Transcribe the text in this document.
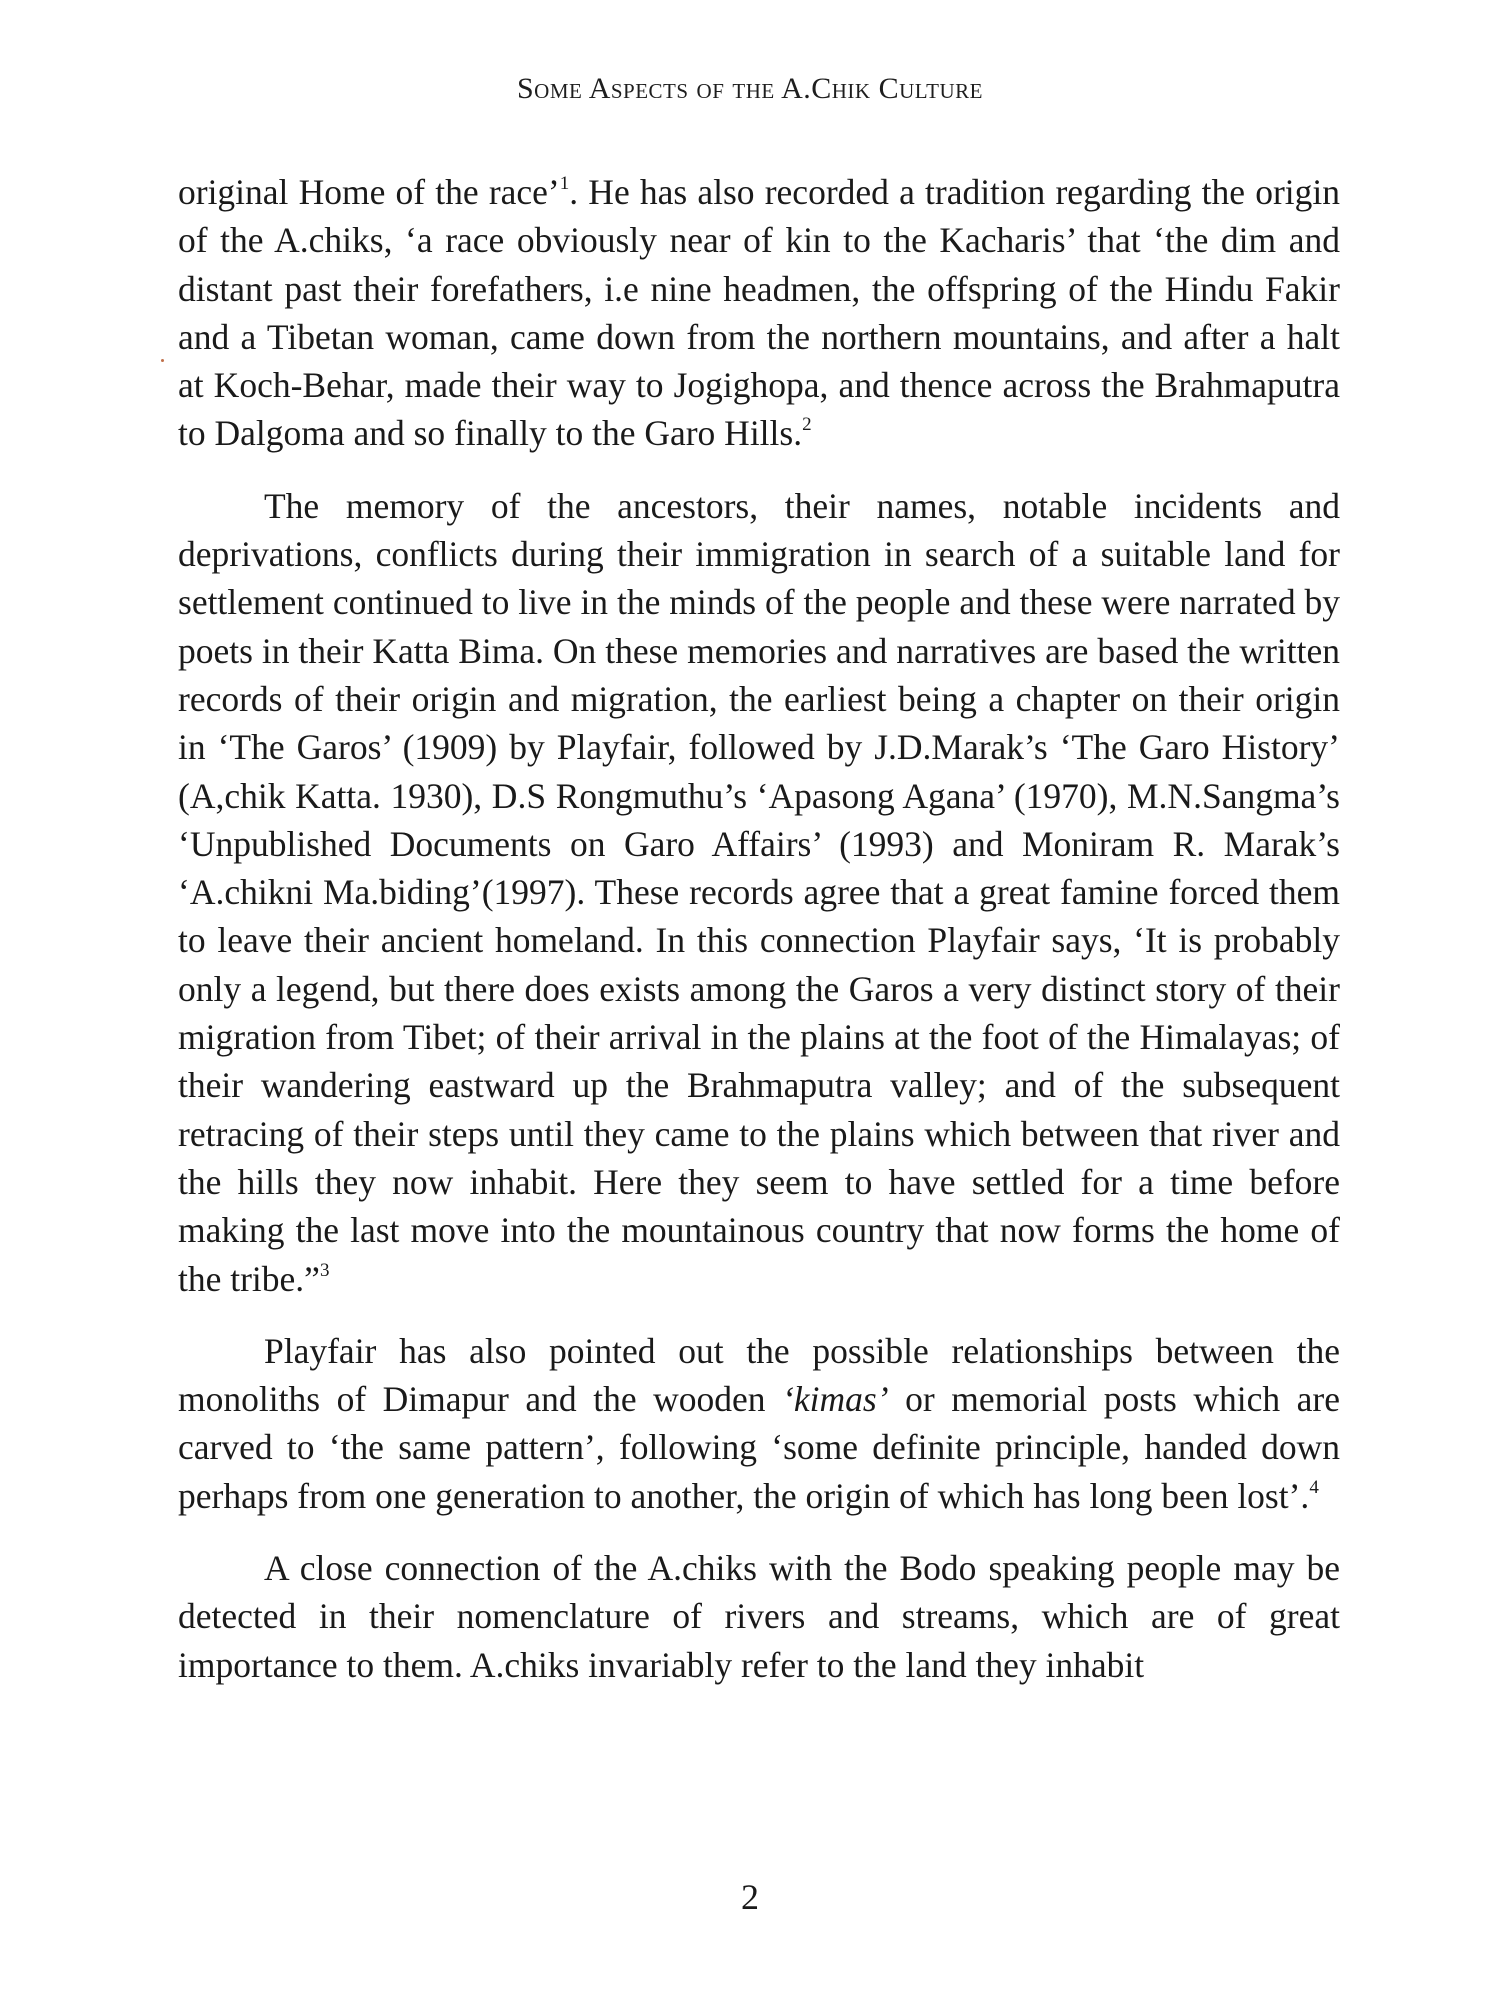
Some Aspects of the A.Chik Culture

original Home of the race’$^1$. He has also recorded a tradition regarding the origin of the A.chiks, ‘a race obviously near of kin to the Kacharis’ that ‘the dim and distant past their forefathers, i.e nine headmen, the offspring of the Hindu Fakir and a Tibetan woman, came down from the northern mountains, and after a halt at Koch-Behar, made their way to Jogighopa, and thence across the Brahmaputra to Dalgoma and so finally to the Garo Hills.$^2$

The memory of the ancestors, their names, notable incidents and deprivations, conflicts during their immigration in search of a suitable land for settlement continued to live in the minds of the people and these were narrated by poets in their Katta Bima. On these memories and narratives are based the written records of their origin and migration, the earliest being a chapter on their origin in ‘The Garos’ (1909) by Playfair, followed by J.D.Marak’s ‘The Garo History’ (A,chik Katta. 1930), D.S Rongmuthu’s ‘Apasong Agana’ (1970), M.N.Sangma’s ‘Unpublished Documents on Garo Affairs’ (1993) and Moniram R. Marak’s ‘A.chikni Ma.biding’(1997). These records agree that a great famine forced them to leave their ancient homeland. In this connection Playfair says, ‘It is probably only a legend, but there does exists among the Garos a very distinct story of their migration from Tibet; of their arrival in the plains at the foot of the Himalayas; of their wandering eastward up the Brahmaputra valley; and of the subsequent retracing of their steps until they came to the plains which between that river and the hills they now inhabit. Here they seem to have settled for a time before making the last move into the mountainous country that now forms the home of the tribe.”$^3$

Playfair has also pointed out the possible relationships between the monoliths of Dimapur and the wooden ‘kimas’ or memorial posts which are carved to ‘the same pattern’, following ‘some definite principle, handed down perhaps from one generation to another, the origin of which has long been lost’.$^4$

A close connection of the A.chiks with the Bodo speaking people may be detected in their nomenclature of rivers and streams, which are of great importance to them. A.chiks invariably refer to the land they inhabit

2
